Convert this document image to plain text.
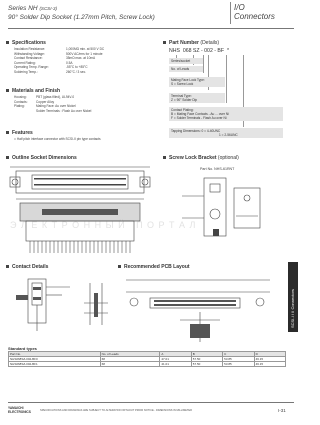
Series NH (SCSI-3)
90° Solder Dip Socket (1.27mm Pitch, Screw Lock)
I/O
Connectors
Specifications
Insulation Resistance:	1,000MΩ min. at 500 V DC
Withstanding Voltage:	500V AC/rms for 1 minute
Contact Resistance:	35mΩ max. at 10mA
Current Rating:	0.5A
Operating Temp. Range:	-55°C to +85°C
Soldering Temp.:	260°C / 3 sec.
Materials and Finish
Housing:	PBT (glass filled), UL94V-0
Contacts:	Copper Alloy
Plating:	Mating Face: Au over Nickel
Solder Terminals : Flash Au over Nickel
Features
□ Half pitch interface connector with SCSI-II pin type contacts
Part Number (Details)
NHS  068 SZ - 002 - BF  *
Series/socket
No. of Leads
Mating Face Lock Type:
S = Screw Lock
Terminal Type:
Z = 90° Solder Dip
Contact Plating:
B = Mating Face Contacts - Au ... over Ni
F = Solder Terminals - Flash Au over Ni
Tapping Dimensions: 0 = 4-40UNC
1 = 2-56UNC
Outline Socket Dimensions	Screw Lock Bracket (optional)
Part No. NHS-61RNT
Э Л Е К Т Р О Н Н Ы Й   П О Р Т А Л
Contact Details	Recommended PCB Layout
Standard types
Part No.	No. of Leads	A	B	C	D
NHS068SZ-002-BF0	68	47.01	57.50	53.85	46.15
NHS068SZ-002-BF1	68	41.01	57.50	53.85	46.15
SCSI-I / II Connectors
YAMAICHI ELECTRONICS	SPECIFICATIONS AND DRAWINGS ARE SUBJECT TO ALTERATION WITHOUT PRIOR NOTICE - DIMENSIONS IN MILLIMETER	I-31
